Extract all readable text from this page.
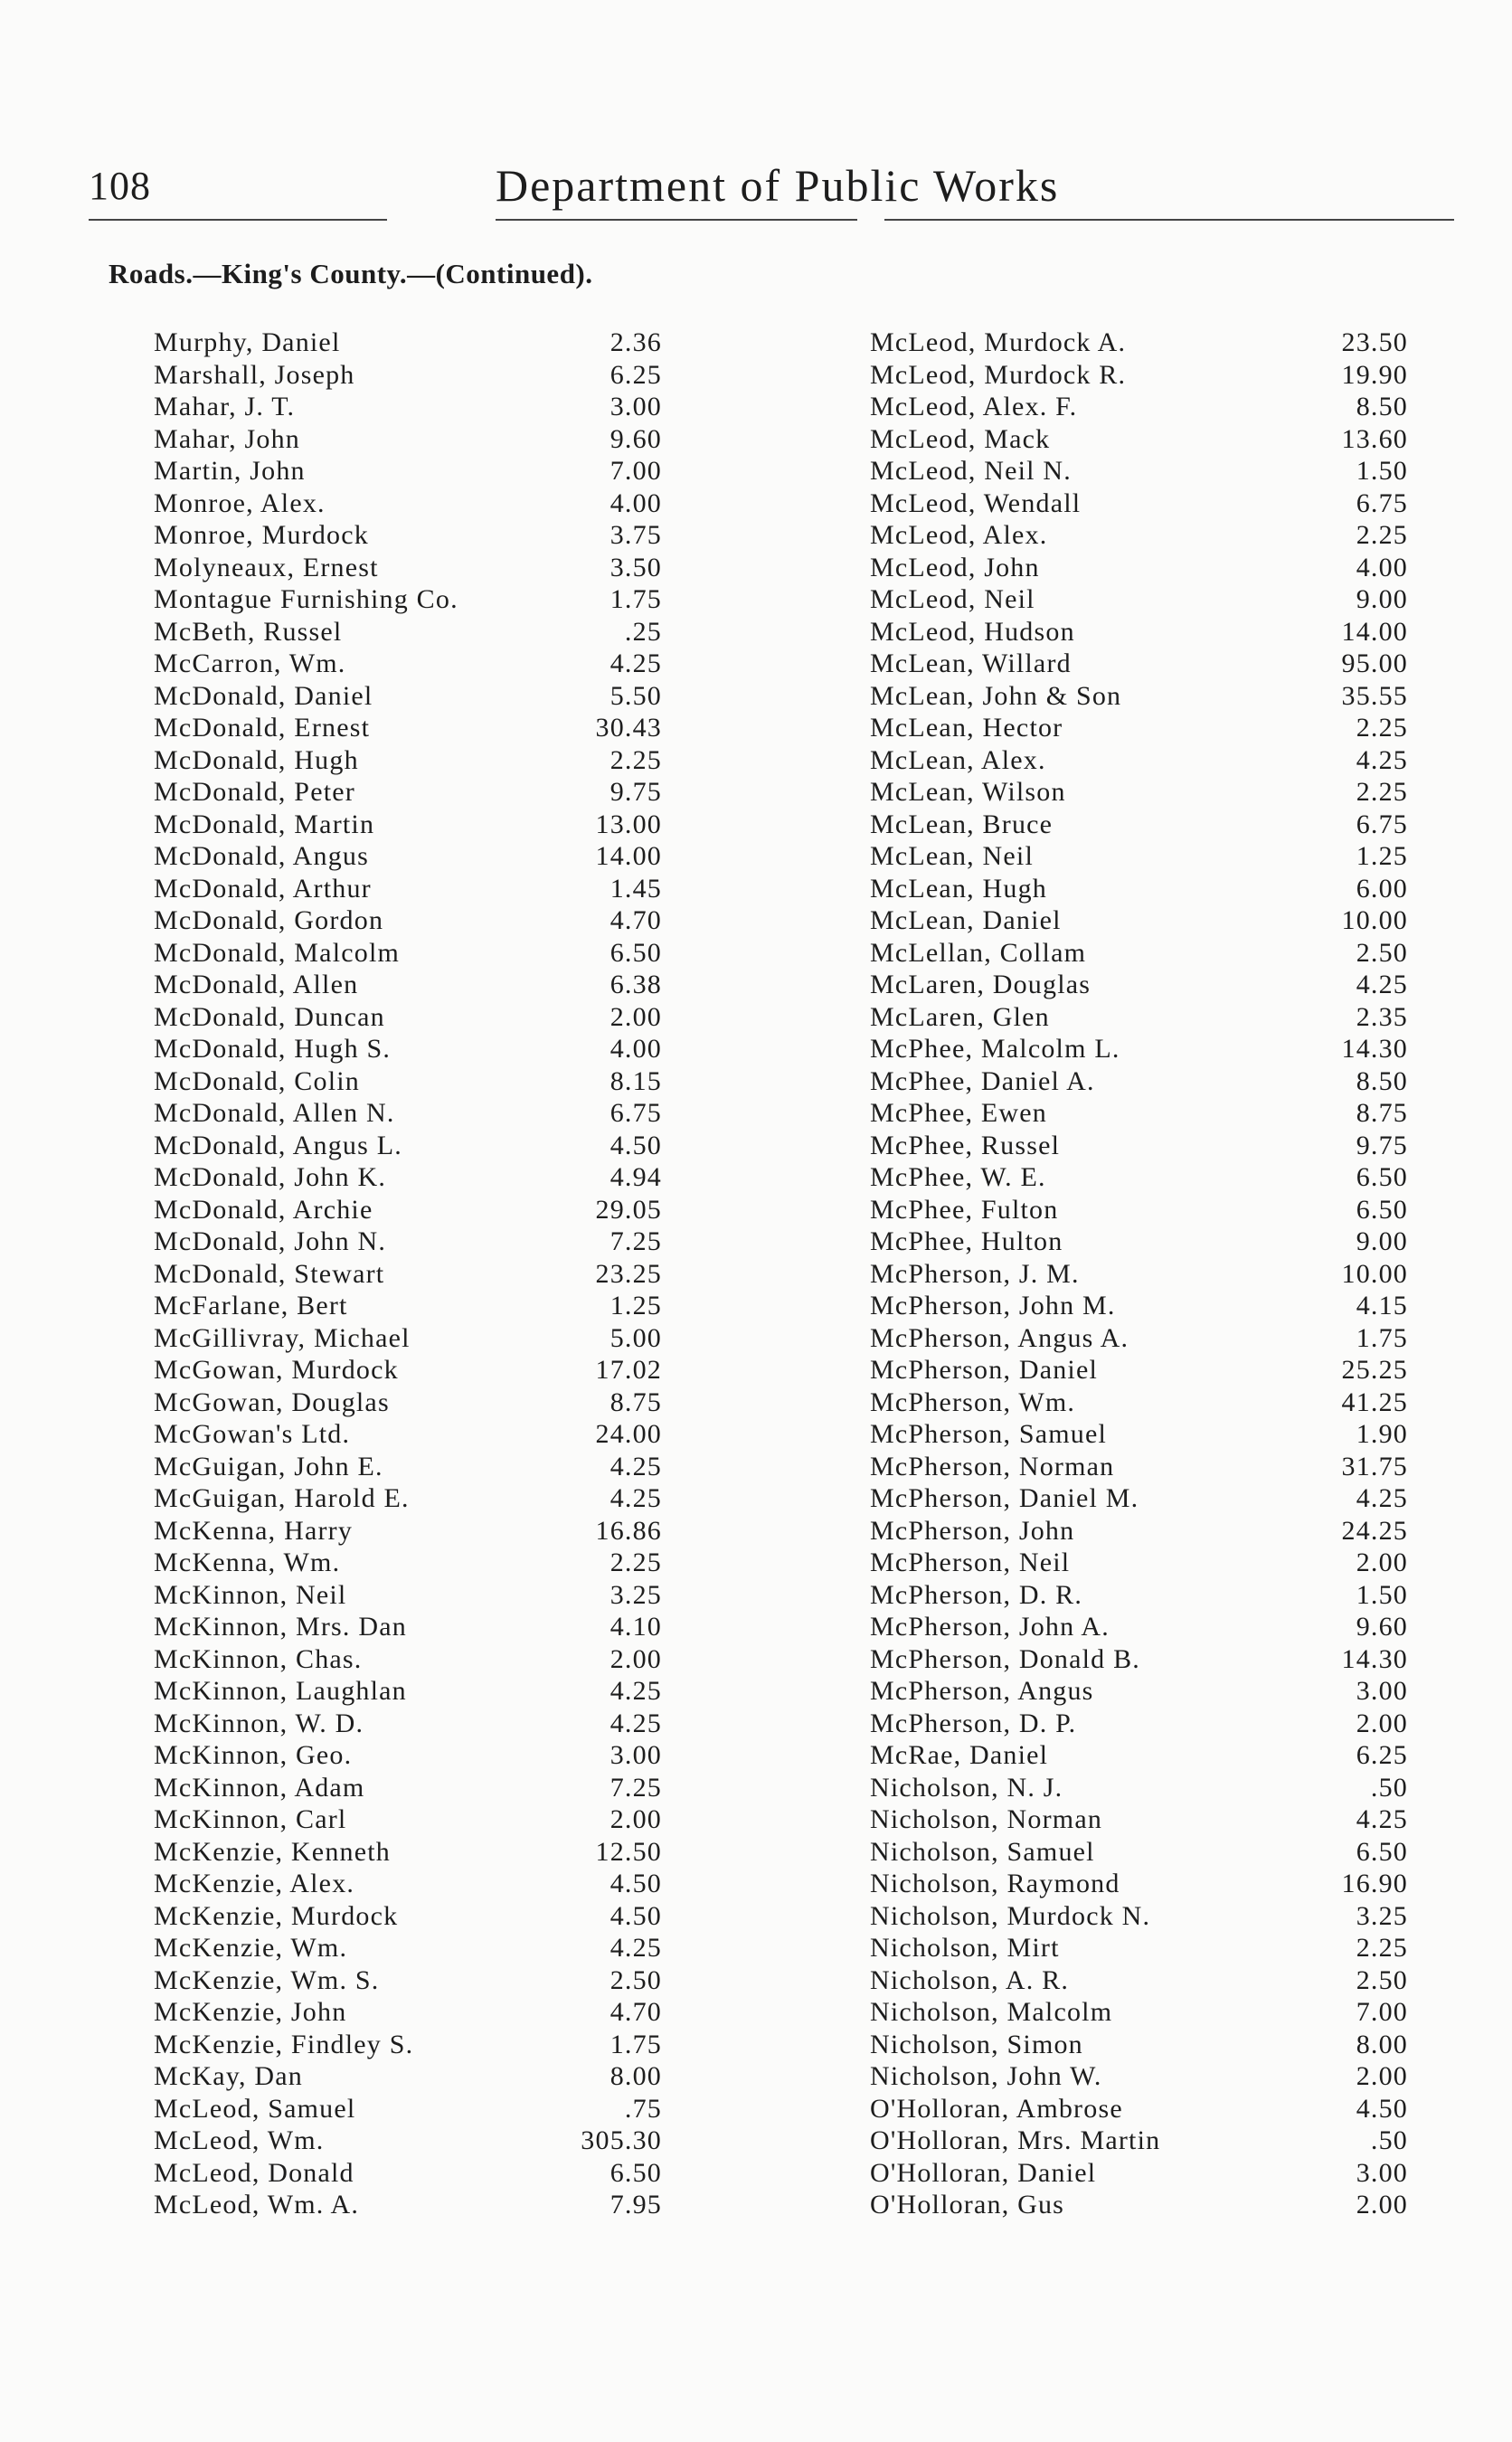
108	Department of Public Works
Roads.—King's County.—(Continued).
Murphy, Daniel	2.36
Marshall, Joseph	6.25
Mahar, J. T.	3.00
Mahar, John	9.60
Martin, John	7.00
Monroe, Alex.	4.00
Monroe, Murdock	3.75
Molyneaux, Ernest	3.50
Montague Furnishing Co.	1.75
McBeth, Russel	.25
McCarron, Wm.	4.25
McDonald, Daniel	5.50
McDonald, Ernest	30.43
McDonald, Hugh	2.25
McDonald, Peter	9.75
McDonald, Martin	13.00
McDonald, Angus	14.00
McDonald, Arthur	1.45
McDonald, Gordon	4.70
McDonald, Malcolm	6.50
McDonald, Allen	6.38
McDonald, Duncan	2.00
McDonald, Hugh S.	4.00
McDonald, Colin	8.15
McDonald, Allen N.	6.75
McDonald, Angus L.	4.50
McDonald, John K.	4.94
McDonald, Archie	29.05
McDonald, John N.	7.25
McDonald, Stewart	23.25
McFarlane, Bert	1.25
McGillivray, Michael	5.00
McGowan, Murdock	17.02
McGowan, Douglas	8.75
McGowan's Ltd.	24.00
McGuigan, John E.	4.25
McGuigan, Harold E.	4.25
McKenna, Harry	16.86
McKenna, Wm.	2.25
McKinnon, Neil	3.25
McKinnon, Mrs. Dan	4.10
McKinnon, Chas.	2.00
McKinnon, Laughlan	4.25
McKinnon, W. D.	4.25
McKinnon, Geo.	3.00
McKinnon, Adam	7.25
McKinnon, Carl	2.00
McKenzie, Kenneth	12.50
McKenzie, Alex.	4.50
McKenzie, Murdock	4.50
McKenzie, Wm.	4.25
McKenzie, Wm. S.	2.50
McKenzie, John	4.70
McKenzie, Findley S.	1.75
McKay, Dan	8.00
McLeod, Samuel	.75
McLeod, Wm.	305.30
McLeod, Donald	6.50
McLeod, Wm. A.	7.95
McLeod, Murdock A.	23.50
McLeod, Murdock R.	19.90
McLeod, Alex. F.	8.50
McLeod, Mack	13.60
McLeod, Neil N.	1.50
McLeod, Wendall	6.75
McLeod, Alex.	2.25
McLeod, John	4.00
McLeod, Neil	9.00
McLeod, Hudson	14.00
McLean, Willard	95.00
McLean, John & Son	35.55
McLean, Hector	2.25
McLean, Alex.	4.25
McLean, Wilson	2.25
McLean, Bruce	6.75
McLean, Neil	1.25
McLean, Hugh	6.00
McLean, Daniel	10.00
McLellan, Collam	2.50
McLaren, Douglas	4.25
McLaren, Glen	2.35
McPhee, Malcolm L.	14.30
McPhee, Daniel A.	8.50
McPhee, Ewen	8.75
McPhee, Russel	9.75
McPhee, W. E.	6.50
McPhee, Fulton	6.50
McPhee, Hulton	9.00
McPherson, J. M.	10.00
McPherson, John M.	4.15
McPherson, Angus A.	1.75
McPherson, Daniel	25.25
McPherson, Wm.	41.25
McPherson, Samuel	1.90
McPherson, Norman	31.75
McPherson, Daniel M.	4.25
McPherson, John	24.25
McPherson, Neil	2.00
McPherson, D. R.	1.50
McPherson, John A.	9.60
McPherson, Donald B.	14.30
McPherson, Angus	3.00
McPherson, D. P.	2.00
McRae, Daniel	6.25
Nicholson, N. J.	.50
Nicholson, Norman	4.25
Nicholson, Samuel	6.50
Nicholson, Raymond	16.90
Nicholson, Murdock N.	3.25
Nicholson, Mirt	2.25
Nicholson, A. R.	2.50
Nicholson, Malcolm	7.00
Nicholson, Simon	8.00
Nicholson, John W.	2.00
O'Holloran, Ambrose	4.50
O'Holloran, Mrs. Martin	.50
O'Holloran, Daniel	3.00
O'Holloran, Gus	2.00
